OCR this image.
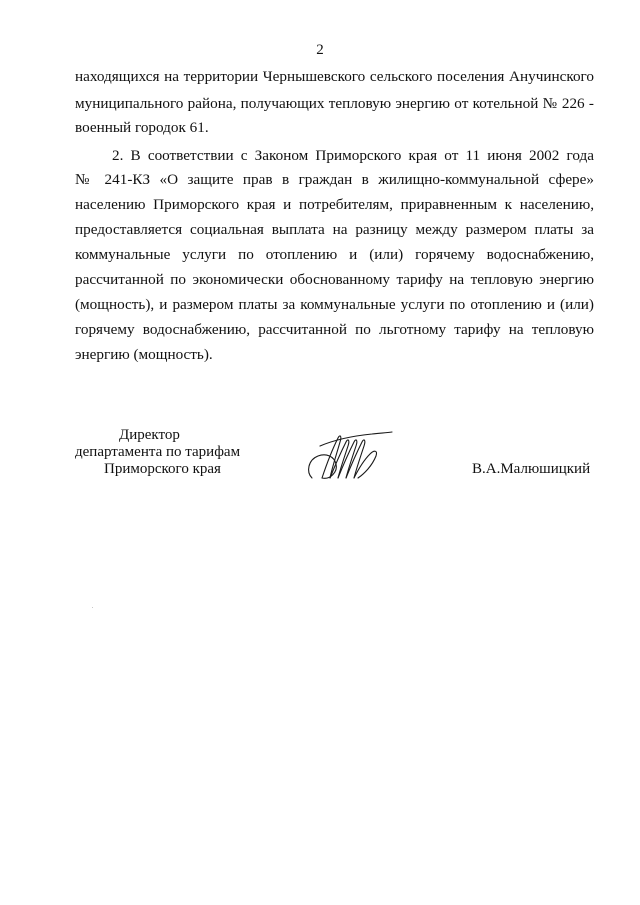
2
находящихся на территории Чернышевского сельского поселения Анучинского
муниципального района, получающих тепловую энергию от котельной № 226 -
военный городок 61.
2. В соответствии с Законом Приморского края от 11 июня 2002 года
№ 241-КЗ «О защите прав в граждан в жилищно-коммунальной сфере»
населению Приморского края и потребителям, приравненным к населению,
предоставляется социальная выплата на разницу между размером платы за
коммунальные услуги по отоплению и (или) горячему водоснабжению,
рассчитанной по экономически обоснованному тарифу на тепловую энергию
(мощность), и размером платы за коммунальные услуги по отоплению и (или)
горячему водоснабжению, рассчитанной по льготному тарифу на тепловую
энергию (мощность).
Директор
департамента по тарифам
Приморского края	В.А.Малюшицкий
